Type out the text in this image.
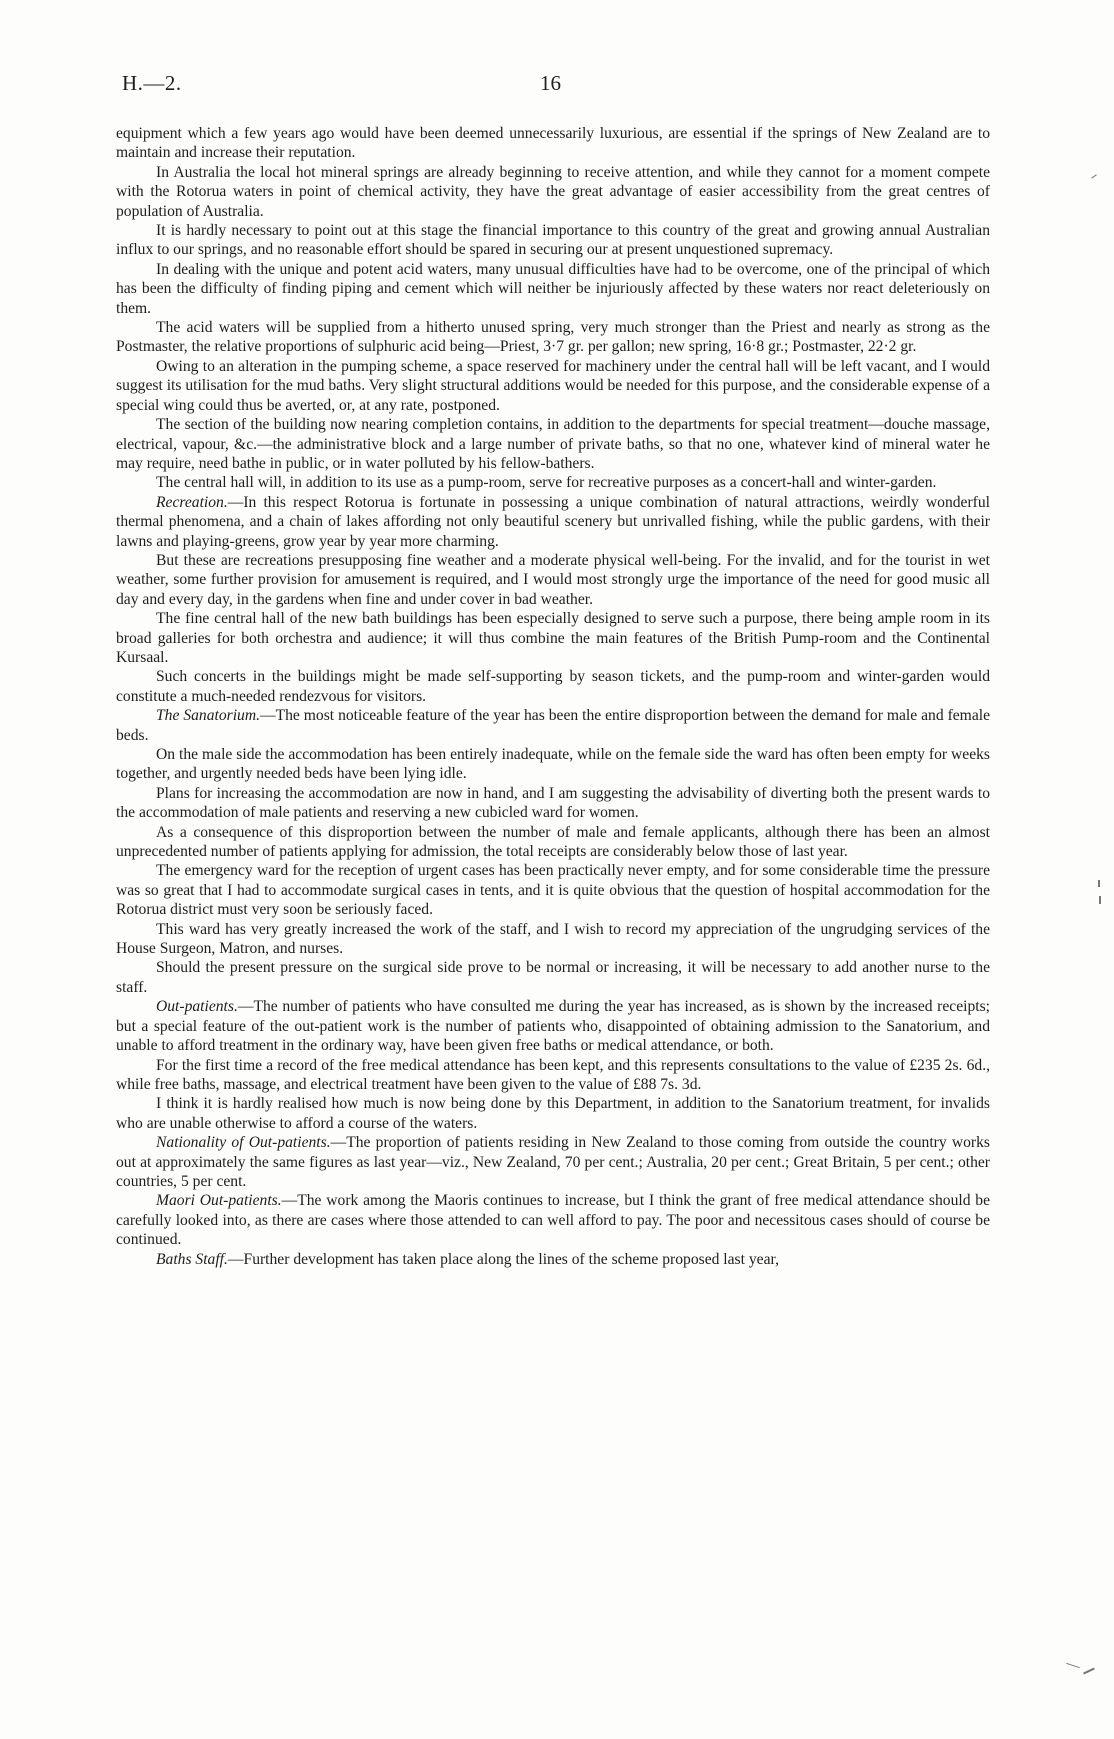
H.—2.	16

equipment which a few years ago would have been deemed unnecessarily luxurious, are essential if the springs of New Zealand are to maintain and increase their reputation.

In Australia the local hot mineral springs are already beginning to receive attention, and while they cannot for a moment compete with the Rotorua waters in point of chemical activity, they have the great advantage of easier accessibility from the great centres of population of Australia.

It is hardly necessary to point out at this stage the financial importance to this country of the great and growing annual Australian influx to our springs, and no reasonable effort should be spared in securing our at present unquestioned supremacy.

In dealing with the unique and potent acid waters, many unusual difficulties have had to be overcome, one of the principal of which has been the difficulty of finding piping and cement which will neither be injuriously affected by these waters nor react deleteriously on them.

The acid waters will be supplied from a hitherto unused spring, very much stronger than the Priest and nearly as strong as the Postmaster, the relative proportions of sulphuric acid being—Priest, 3·7 gr. per gallon; new spring, 16·8 gr.; Postmaster, 22·2 gr.

Owing to an alteration in the pumping scheme, a space reserved for machinery under the central hall will be left vacant, and I would suggest its utilisation for the mud baths. Very slight structural additions would be needed for this purpose, and the considerable expense of a special wing could thus be averted, or, at any rate, postponed.

The section of the building now nearing completion contains, in addition to the departments for special treatment—douche massage, electrical, vapour, &c.—the administrative block and a large number of private baths, so that no one, whatever kind of mineral water he may require, need bathe in public, or in water polluted by his fellow-bathers.

The central hall will, in addition to its use as a pump-room, serve for recreative purposes as a concert-hall and winter-garden.

Recreation.—In this respect Rotorua is fortunate in possessing a unique combination of natural attractions, weirdly wonderful thermal phenomena, and a chain of lakes affording not only beautiful scenery but unrivalled fishing, while the public gardens, with their lawns and playing-greens, grow year by year more charming.

But these are recreations presupposing fine weather and a moderate physical well-being. For the invalid, and for the tourist in wet weather, some further provision for amusement is required, and I would most strongly urge the importance of the need for good music all day and every day, in the gardens when fine and under cover in bad weather.

The fine central hall of the new bath buildings has been especially designed to serve such a purpose, there being ample room in its broad galleries for both orchestra and audience; it will thus combine the main features of the British Pump-room and the Continental Kursaal.

Such concerts in the buildings might be made self-supporting by season tickets, and the pump-room and winter-garden would constitute a much-needed rendezvous for visitors.

The Sanatorium.—The most noticeable feature of the year has been the entire disproportion between the demand for male and female beds.

On the male side the accommodation has been entirely inadequate, while on the female side the ward has often been empty for weeks together, and urgently needed beds have been lying idle.

Plans for increasing the accommodation are now in hand, and I am suggesting the advisability of diverting both the present wards to the accommodation of male patients and reserving a new cubicled ward for women.

As a consequence of this disproportion between the number of male and female applicants, although there has been an almost unprecedented number of patients applying for admission, the total receipts are considerably below those of last year.

The emergency ward for the reception of urgent cases has been practically never empty, and for some considerable time the pressure was so great that I had to accommodate surgical cases in tents, and it is quite obvious that the question of hospital accommodation for the Rotorua district must very soon be seriously faced.

This ward has very greatly increased the work of the staff, and I wish to record my appreciation of the ungrudging services of the House Surgeon, Matron, and nurses.

Should the present pressure on the surgical side prove to be normal or increasing, it will be necessary to add another nurse to the staff.

Out-patients.—The number of patients who have consulted me during the year has increased, as is shown by the increased receipts; but a special feature of the out-patient work is the number of patients who, disappointed of obtaining admission to the Sanatorium, and unable to afford treatment in the ordinary way, have been given free baths or medical attendance, or both.

For the first time a record of the free medical attendance has been kept, and this represents consultations to the value of £235 2s. 6d., while free baths, massage, and electrical treatment have been given to the value of £88 7s. 3d.

I think it is hardly realised how much is now being done by this Department, in addition to the Sanatorium treatment, for invalids who are unable otherwise to afford a course of the waters.

Nationality of Out-patients.—The proportion of patients residing in New Zealand to those coming from outside the country works out at approximately the same figures as last year—viz., New Zealand, 70 per cent.; Australia, 20 per cent.; Great Britain, 5 per cent.; other countries, 5 per cent.

Maori Out-patients.—The work among the Maoris continues to increase, but I think the grant of free medical attendance should be carefully looked into, as there are cases where those attended to can well afford to pay. The poor and necessitous cases should of course be continued.

Baths Staff.—Further development has taken place along the lines of the scheme proposed last year,
